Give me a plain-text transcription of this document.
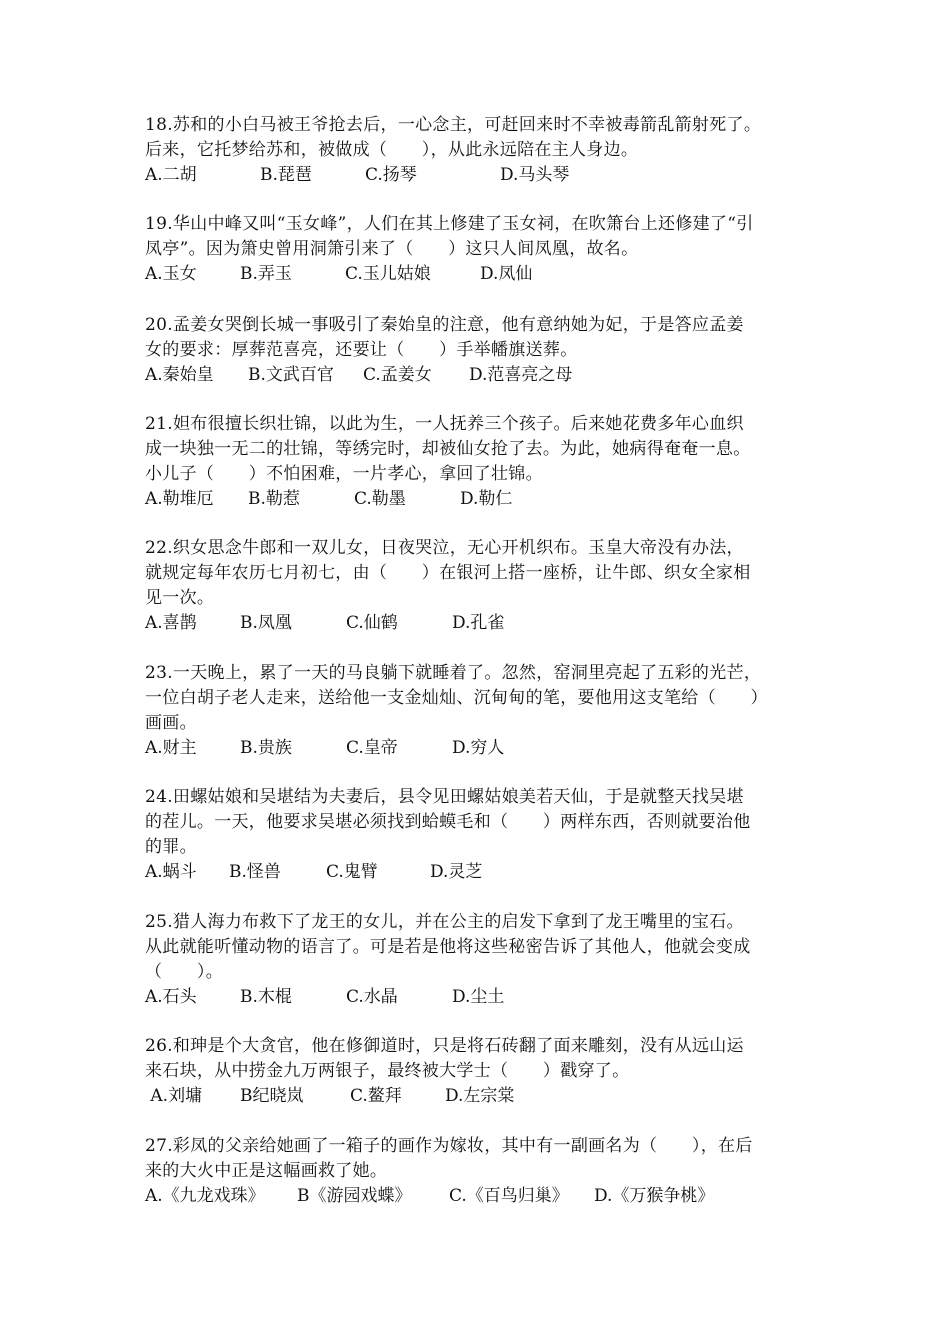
18.苏和的小白马被王爷抢去后，一心念主，可赶回来时不幸被毒箭乱箭射死了。
后来，它托梦给苏和，被做成（　　），从此永远陪在主人身边。
A.二胡	B.琵琶	C.扬琴	D.马头琴
19.华山中峰又叫“玉女峰”，人们在其上修建了玉女祠，在吹箫台上还修建了“引
凤亭”。因为箫史曾用洞箫引来了（　　）这只人间凤凰，故名。
A.玉女	B.弄玉	C.玉儿姑娘	D.凤仙
20.孟姜女哭倒长城一事吸引了秦始皇的注意，他有意纳她为妃，于是答应孟姜
女的要求：厚葬范喜亮，还要让（　　）手举幡旗送葬。
A.秦始皇	B.文武百官	C.孟姜女	D.范喜亮之母
21.妲布很擅长织壮锦，以此为生，一人抚养三个孩子。后来她花费多年心血织
成一块独一无二的壮锦，等绣完时，却被仙女抢了去。为此，她病得奄奄一息。
小儿子（　　）不怕困难，一片孝心，拿回了壮锦。
A.勒堆厄	B.勒惹	C.勒墨	D.勒仁
22.织女思念牛郎和一双儿女，日夜哭泣，无心开机织布。玉皇大帝没有办法，
就规定每年农历七月初七，由（　　）在银河上搭一座桥，让牛郎、织女全家相
见一次。
A.喜鹊	B.凤凰	C.仙鹤	D.孔雀
23.一天晚上，累了一天的马良躺下就睡着了。忽然，窑洞里亮起了五彩的光芒，
一位白胡子老人走来，送给他一支金灿灿、沉甸甸的笔，要他用这支笔给（　　）
画画。
A.财主	B.贵族	C.皇帝	D.穷人
24.田螺姑娘和吴堪结为夫妻后，县令见田螺姑娘美若天仙，于是就整天找吴堪
的茬儿。一天，他要求吴堪必须找到蛤蟆毛和（　　）两样东西，否则就要治他
的罪。
A.蜗斗	B.怪兽	C.鬼臂	D.灵芝
25.猎人海力布救下了龙王的女儿，并在公主的启发下拿到了龙王嘴里的宝石。
从此就能听懂动物的语言了。可是若是他将这些秘密告诉了其他人，他就会变成
（　　）。
A.石头	B.木棍	C.水晶	D.尘土
26.和珅是个大贪官，他在修御道时，只是将石砖翻了面来雕刻，没有从远山运
来石块，从中捞金九万两银子，最终被大学士（　　）戳穿了。
A.刘墉	B纪晓岚	C.鳌拜	D.左宗棠
27.彩凤的父亲给她画了一箱子的画作为嫁妆，其中有一副画名为（　　），在后
来的大火中正是这幅画救了她。
A.《九龙戏珠》	B《游园戏蝶》	C.《百鸟归巢》	D.《万猴争桃》
